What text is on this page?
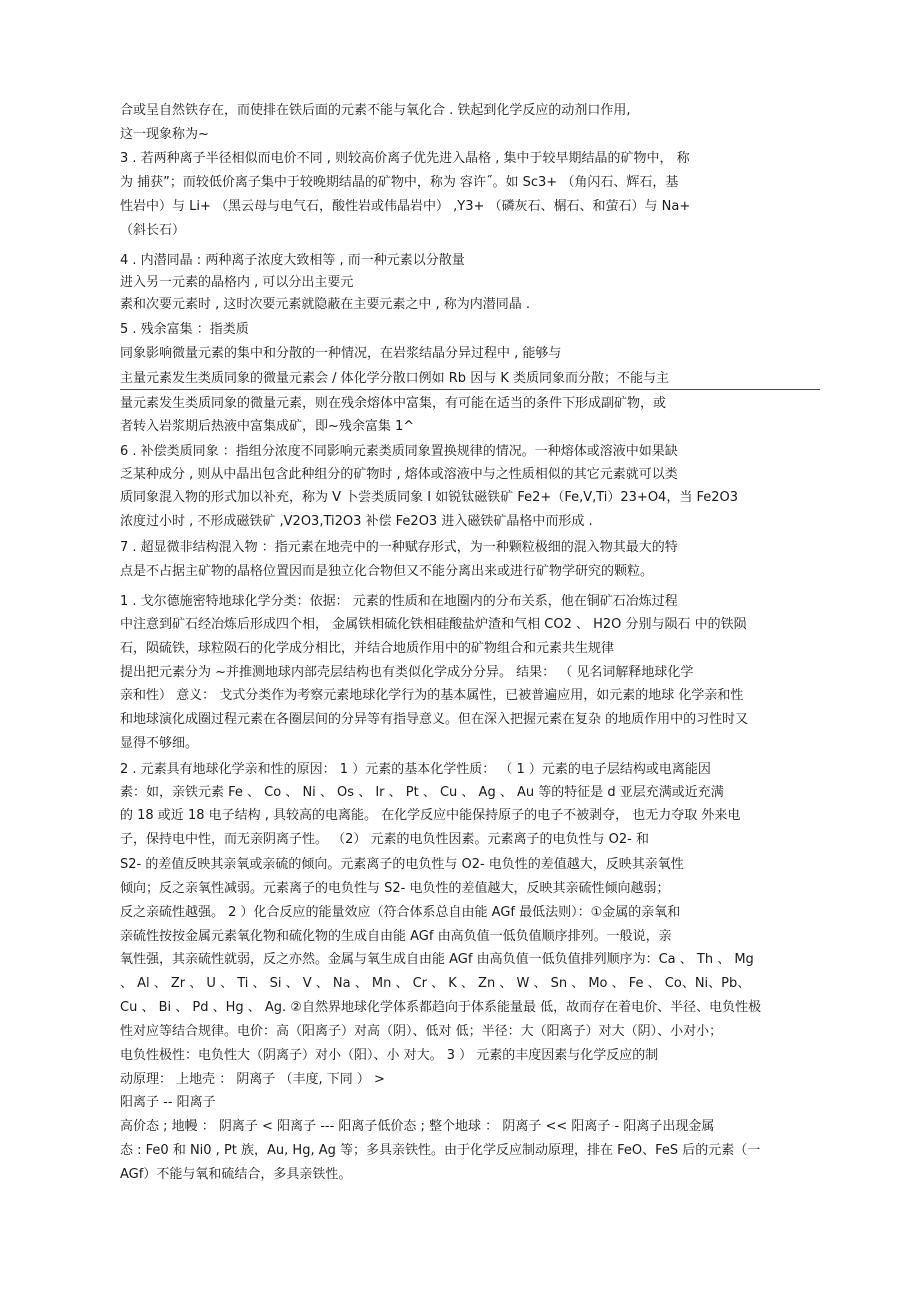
合或呈自然铁存在，而使排在铁后面的元素不能与氧化合 . 铁起到化学反应的动剂口作用,
这一现象称为~
3 . 若两种离子半径相似而电价不同 , 则较高价离子优先进入晶格 , 集中于较早期结晶的矿物中， 称
为 捕获”；而较低价离子集中于较晚期结晶的矿物中，称为 容许˝。如 Sc3+ （角闪石、辉石，基
性岩中）与 Li+ （黑云母与电气石，酸性岩或伟晶岩中） ,Y3+ （磷灰石、榍石、和萤石）与 Na+
（斜长石）
4 . 内潜同晶 : 两种离子浓度大致相等 , 而一种元素以分散量
进入另一元素的晶格内 , 可以分出主要元
素和次要元素时 , 这时次要元素就隐蔽在主要元素之中 , 称为内潜同晶 .
5 . 残余富集 ：指类质
同象影响微量元素的集中和分散的一种情况，在岩浆结晶分异过程中 , 能够与
主量元素发生类质同象的微量元素会 / 体化学分散口例如 Rb 因与 K 类质同象而分散；不能与主
量元素发生类质同象的微量元素，则在残余熔体中富集，有可能在适当的条件下形成副矿物，或
者转入岩浆期后热液中富集成矿，即~残余富集 1^
6 . 补偿类质同象 ：指组分浓度不同影响元素类质同象置换规律的情况。一种熔体或溶液中如果缺
乏某种成分 , 则从中晶出包含此种组分的矿物时 , 熔体或溶液中与之性质相似的其它元素就可以类
质同象混入物的形式加以补充，称为 V 卜尝类质同象 I 如锐钛磁铁矿 Fe2+（Fe,V,Ti）23+O4，当 Fe2O3
浓度过小时 , 不形成磁铁矿 ,V2O3,Ti2O3 补偿 Fe2O3 进入磁铁矿晶格中而形成 .
7 . 超显微非结构混入物 ：指元素在地壳中的一种赋存形式，为一种颗粒极细的混入物其最大的特
点是不占据主矿物的晶格位置因而是独立化合物但又不能分离出来或进行矿物学研究的颗粒。
1 . 戈尔德施密特地球化学分类：依据： 元素的性质和在地圈内的分布关系，他在铜矿石冶炼过程
中注意到矿石经冶炼后形成四个相， 金属铁相硫化铁相硅酸盐炉渣和气相 CO2 、 H2O 分别与陨石 中的铁陨
石，陨硫铁，球粒陨石的化学成分相比，并结合地质作用中的矿物组合和元素共生规律
提出把元素分为 ~并推测地球内部壳层结构也有类似化学成分分异。 结果： （ 见名词解释地球化学
亲和性） 意义： 戈式分类作为考察元素地球化学行为的基本属性，已被普遍应用，如元素的地球 化学亲和性
和地球演化成圈过程元素在各圈层间的分异等有指导意义。但在深入把握元素在复杂 的地质作用中的习性时又
显得不够细。
2 . 元素具有地球化学亲和性的原因： 1 ）元素的基本化学性质： （ 1 ）元素的电子层结构或电离能因
素：如，亲铁元素 Fe 、 Co 、 Ni 、 Os 、 Ir 、 Pt 、 Cu 、 Ag 、 Au 等的特征是 d 亚层充满或近充满
的 18 或近 18 电子结构 , 具较高的电离能。 在化学反应中能保持原子的电子不被剥夺， 也无力夺取 外来电
子，保持电中性，而无亲阴离子性。 （2） 元素的电负性因素。元素离子的电负性与 O2- 和
S2- 的差值反映其亲氧或亲硫的倾向。元素离子的电负性与 O2- 电负性的差值越大，反映其亲氧性
倾向；反之亲氧性减弱。元素离子的电负性与 S2- 电负性的差值越大，反映其亲硫性倾向越弱；
反之亲硫性越强。 2 ）化合反应的能量效应（符合体系总自由能 AGf 最低法则）：①金属的亲氧和
亲硫性按按金属元素氧化物和硫化物的生成自由能 AGf 由高负值一低负值顺序排列。一般说，亲
氧性强，其亲硫性就弱，反之亦然。金属与氧生成自由能 AGf 由高负值一低负值排列顺序为：Ca 、 Th 、 Mg
、 Al 、 Zr 、 U 、 Ti 、 Si 、 V 、 Na 、 Mn 、 Cr 、 K 、 Zn 、 W 、 Sn 、 Mo 、 Fe 、 Co、Ni、Pb、
Cu 、 Bi 、 Pd 、Hg 、 Ag. ②自然界地球化学体系都趋向于体系能量最 低，故而存在着电价、半径、电负性极
性对应等结合规律。电价：高（阳离子）对高（阴）、低对 低；半径：大（阳离子）对大（阴）、小对小；
电负性极性：电负性大（阴离子）对小（阳）、小 对大。 3 ） 元素的丰度因素与化学反应的制
动原理： 上地壳 ： 阴离子 （丰度, 下同 ） >
阳离子 -- 阳离子
高价态 ; 地幔 ： 阴离子 < 阳离子 --- 阳离子低价态 ; 整个地球 ： 阴离子 << 阳离子 - 阳离子出现金属
态 : Fe0 和 Ni0 , Pt 族，Au, Hg, Ag 等；多具亲铁性。由于化学反应制动原理，排在 FeO、FeS 后的元素（一
AGf）不能与氧和硫结合，多具亲铁性。
